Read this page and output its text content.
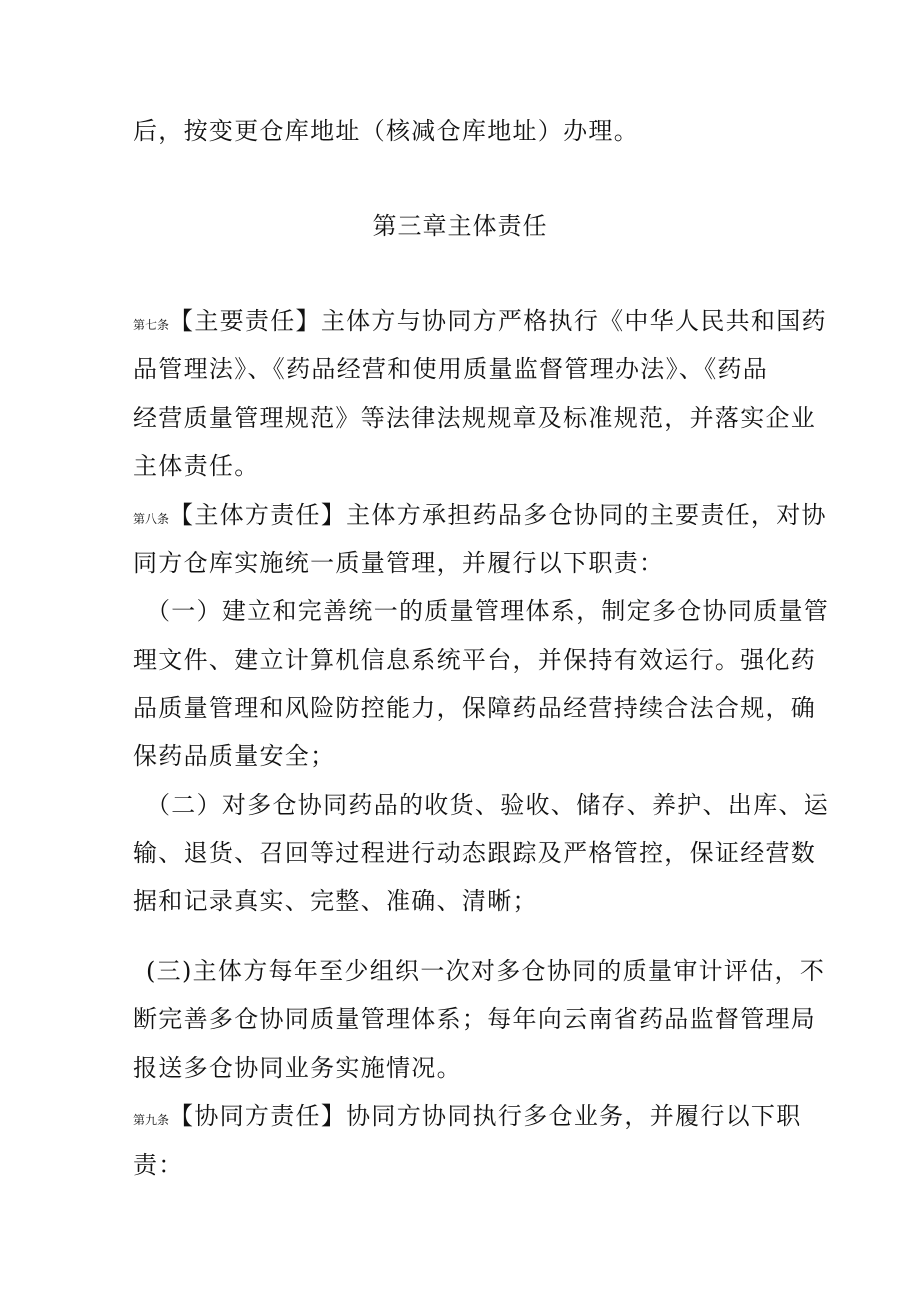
后，按变更仓库地址（核减仓库地址）办理。
第三章主体责任
第七条【主要责任】主体方与协同方严格执行《中华人民共和国药
品管理法》、《药品经营和使用质量监督管理办法》、《药品
经营质量管理规范》等法律法规规章及标准规范，并落实企业
主体责任。
第八条【主体方责任】主体方承担药品多仓协同的主要责任，对协
同方仓库实施统一质量管理，并履行以下职责：
（一）建立和完善统一的质量管理体系，制定多仓协同质量管
理文件、建立计算机信息系统平台，并保持有效运行。强化药
品质量管理和风险防控能力，保障药品经营持续合法合规，确
保药品质量安全；
（二）对多仓协同药品的收货、验收、储存、养护、出库、运
输、退货、召回等过程进行动态跟踪及严格管控，保证经营数
据和记录真实、完整、准确、清晰；
(三)主体方每年至少组织一次对多仓协同的质量审计评估，不
断完善多仓协同质量管理体系；每年向云南省药品监督管理局
报送多仓协同业务实施情况。
第九条【协同方责任】协同方协同执行多仓业务，并履行以下职
责：
